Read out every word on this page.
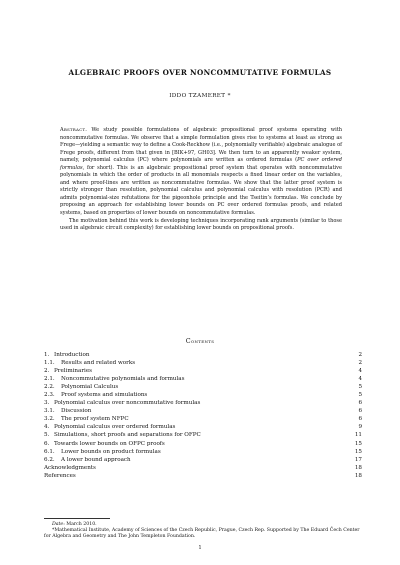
ALGEBRAIC PROOFS OVER NONCOMMUTATIVE FORMULAS
IDDO TZAMERET *

Abstract. We study possible formulations of algebraic propositional proof systems operating with noncommutative formulas. We observe that a simple formulation gives rise to systems at least as strong as Frege—yielding a semantic way to define a Cook-Reckhow (i.e., polynomially verifiable) algebraic analogue of Frege proofs, different from that given in [BIK+97, GH03]. We then turn to an apparently weaker system, namely, polynomial calculus (PC) where polynomials are written as ordered formulas (PC over ordered formulas, for short). This is an algebraic propositional proof system that operates with noncommutative polynomials in which the order of products in all monomials respects a fixed linear order on the variables, and where proof-lines are written as noncommutative formulas. We show that the latter proof system is strictly stronger than resolution, polynomial calculus and polynomial calculus with resolution (PCR) and admits polynomial-size refutations for the pigeonhole principle and the Tseitin’s formulas. We conclude by proposing an approach for establishing lower bounds on PC over ordered formulas proofs, and related systems, based on properties of lower bounds on noncommutative formulas.

The motivation behind this work is developing techniques incorporating rank arguments (similar to those used in algebraic circuit complexity) for establishing lower bounds on propositional proofs.

Contents
1. Introduction	2
1.1. Results and related works	2
2. Preliminaries	4
2.1. Noncommutative polynomials and formulas	4
2.2. Polynomial Calculus	5
2.3. Proof systems and simulations	5
3. Polynomial calculus over noncommutative formulas	6
3.1. Discussion	6
3.2. The proof system NFPC	6
4. Polynomial calculus over ordered formulas	9
5. Simulations, short proofs and separations for OFPC	11
6. Towards lower bounds on OFPC proofs	15
6.1. Lower bounds on product formulas	15
6.2. A lower bound approach	17
Acknowledgments	18
References	18

Date: March 2010.

*Mathematical Institute, Academy of Sciences of the Czech Republic, Prague, Czech Rep. Supported by The Eduard Čech Center for Algebra and Geometry and The John Templeton Foundation.

1
